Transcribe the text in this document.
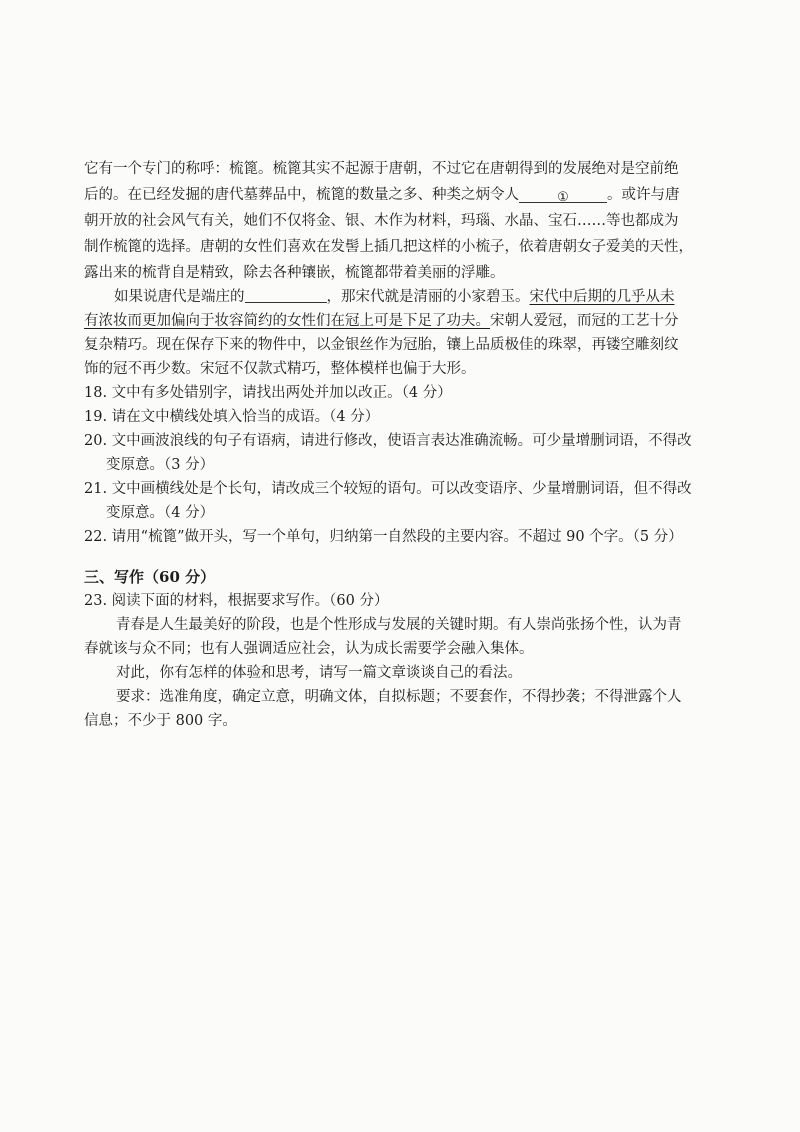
它有一个专门的称呼：梳篦。梳篦其实不起源于唐朝，不过它在唐朝得到的发展绝对是空前绝
后的。在已经发掘的唐代墓葬品中，梳篦的数量之多、种类之炳令人	①	。或许与唐
朝开放的社会风气有关，她们不仅将金、银、木作为材料，玛瑙、水晶、宝石……等也都成为
制作梳篦的选择。唐朝的女性们喜欢在发髻上插几把这样的小梳子，依着唐朝女子爱美的天性，
露出来的梳背自是精致，除去各种镶嵌，梳篦都带着美丽的浮雕。
如果说唐代是端庄的	，那宋代就是清丽的小家碧玉。宋代中后期的几乎从未
有浓妆而更加偏向于妆容简约的女性们在冠上可是下足了功夫。宋朝人爱冠，而冠的工艺十分
复杂精巧。现在保存下来的物件中，以金银丝作为冠胎，镶上品质极佳的珠翠，再镂空雕刻纹
饰的冠不再少数。宋冠不仅款式精巧，整体模样也偏于大形。
18. 文中有多处错别字，请找出两处并加以改正。（4 分）
19. 请在文中横线处填入恰当的成语。（4 分）
20. 文中画波浪线的句子有语病，请进行修改，使语言表达准确流畅。可少量增删词语，不得改
变原意。（3 分）
21. 文中画横线处是个长句，请改成三个较短的语句。可以改变语序、少量增删词语，但不得改
变原意。（4 分）
22. 请用“梳篦”做开头，写一个单句，归纳第一自然段的主要内容。不超过 90 个字。（5 分）
三、写作（60 分）
23. 阅读下面的材料，根据要求写作。（60 分）
青春是人生最美好的阶段，也是个性形成与发展的关键时期。有人崇尚张扬个性，认为青
春就该与众不同；也有人强调适应社会，认为成长需要学会融入集体。
对此，你有怎样的体验和思考，请写一篇文章谈谈自己的看法。
要求：选准角度，确定立意，明确文体，自拟标题；不要套作，不得抄袭；不得泄露个人
信息；不少于 800 字。
